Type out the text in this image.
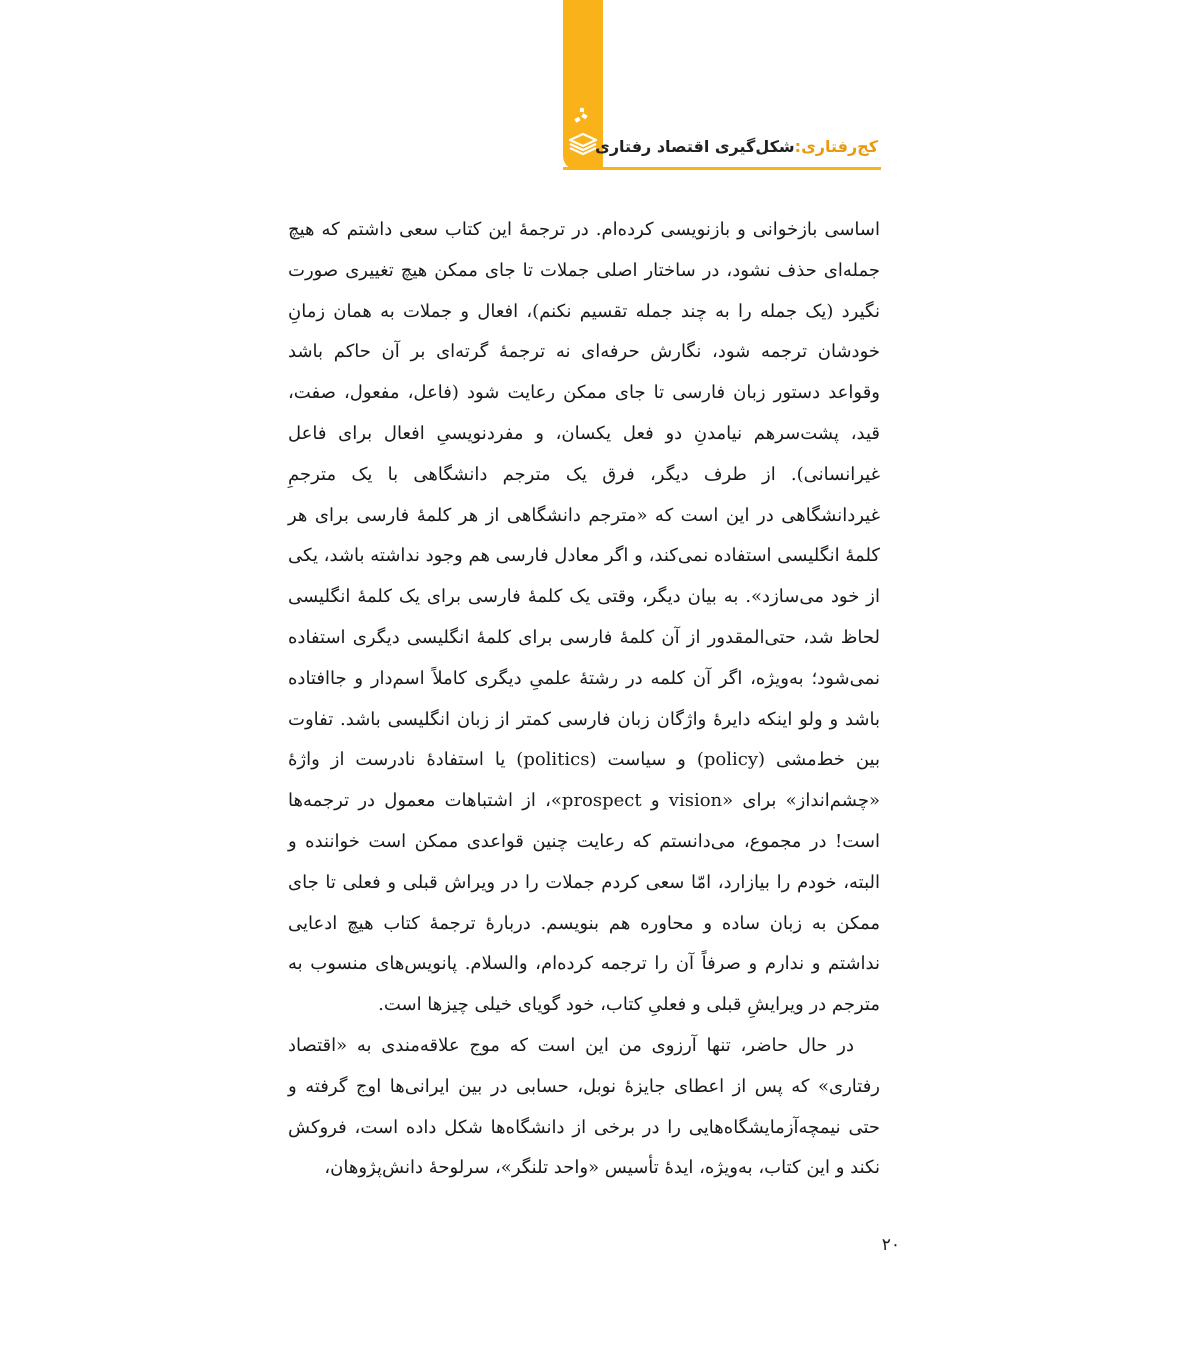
کج‌رفتاری:شکل‌گیری اقتصاد رفتاری

اساسی بازخوانی و بازنویسی کرده‌ام. در ترجمهٔ این کتاب سعی داشتم که هیچ جمله‌ای حذف نشود، در ساختار اصلی جملات تا جای ممکن هیچ تغییری صورت نگیرد (یک جمله را به چند جمله تقسیم نکنم)، افعال و جملات به همان زمانِ خودشان ترجمه شود، نگارش حرفه‌ای نه ترجمهٔ گرته‌ای بر آن حاکم باشد وقواعد دستور زبان فارسی تا جای ممکن رعایت شود (فاعل، مفعول، صفت، قید، پشت‌سرهم نیامدنِ دو فعل یکسان، و مفردنویسیِ افعال برای فاعل غیرانسانی). از طرف دیگر، فرق یک مترجم دانشگاهی با یک مترجمِ غیردانشگاهی در این است که «مترجم دانشگاهی از هر کلمهٔ فارسی برای هر کلمهٔ انگلیسی استفاده نمی‌کند، و اگر معادل فارسی هم وجود نداشته باشد، یکی از خود می‌سازد». به بیان دیگر، وقتی یک کلمهٔ فارسی برای یک کلمهٔ انگلیسی لحاظ شد، حتی‌المقدور از آن کلمهٔ فارسی برای کلمهٔ انگلیسی دیگری استفاده نمی‌شود؛ به‌ویژه، اگر آن کلمه در رشتهٔ علمیِ دیگری کاملاً اسم‌دار و جاافتاده باشد و ولو اینکه دایرهٔ واژگان زبان فارسی کمتر از زبان انگلیسی باشد. تفاوت بین خط‌مشی (policy) و سیاست (politics) یا استفادهٔ نادرست از واژهٔ «چشم‌انداز» برای «vision و prospect»، از اشتباهات معمول در ترجمه‌ها است! در مجموع، می‌دانستم که رعایت چنین قواعدی ممکن است خواننده و البته، خودم را بیازارد، امّا سعی کردم جملات را در ویراش قبلی و فعلی تا جای ممکن به زبان ساده و محاوره هم بنویسم. دربارهٔ ترجمهٔ کتاب هیچ ادعایی نداشتم و ندارم و صرفاً آن را ترجمه کرده‌ام، والسلام. پانویس‌های منسوب به مترجم در ویرایشِ قبلی و فعلیِ کتاب، خود گویای خیلی چیزها است.

در حال حاضر، تنها آرزوی من این است که موج علاقه‌مندی به «اقتصاد رفتاری» که پس از اعطای جایزهٔ نوبل، حسابی در بین ایرانی‌ها اوج گرفته و حتی نیمچه‌آزمایشگاه‌هایی را در برخی از دانشگاه‌ها شکل داده است، فروکش نکند و این کتاب، به‌ویژه، ایدهٔ تأسیس «واحد تلنگر»، سرلوحهٔ دانش‌پژوهان،

۲۰
